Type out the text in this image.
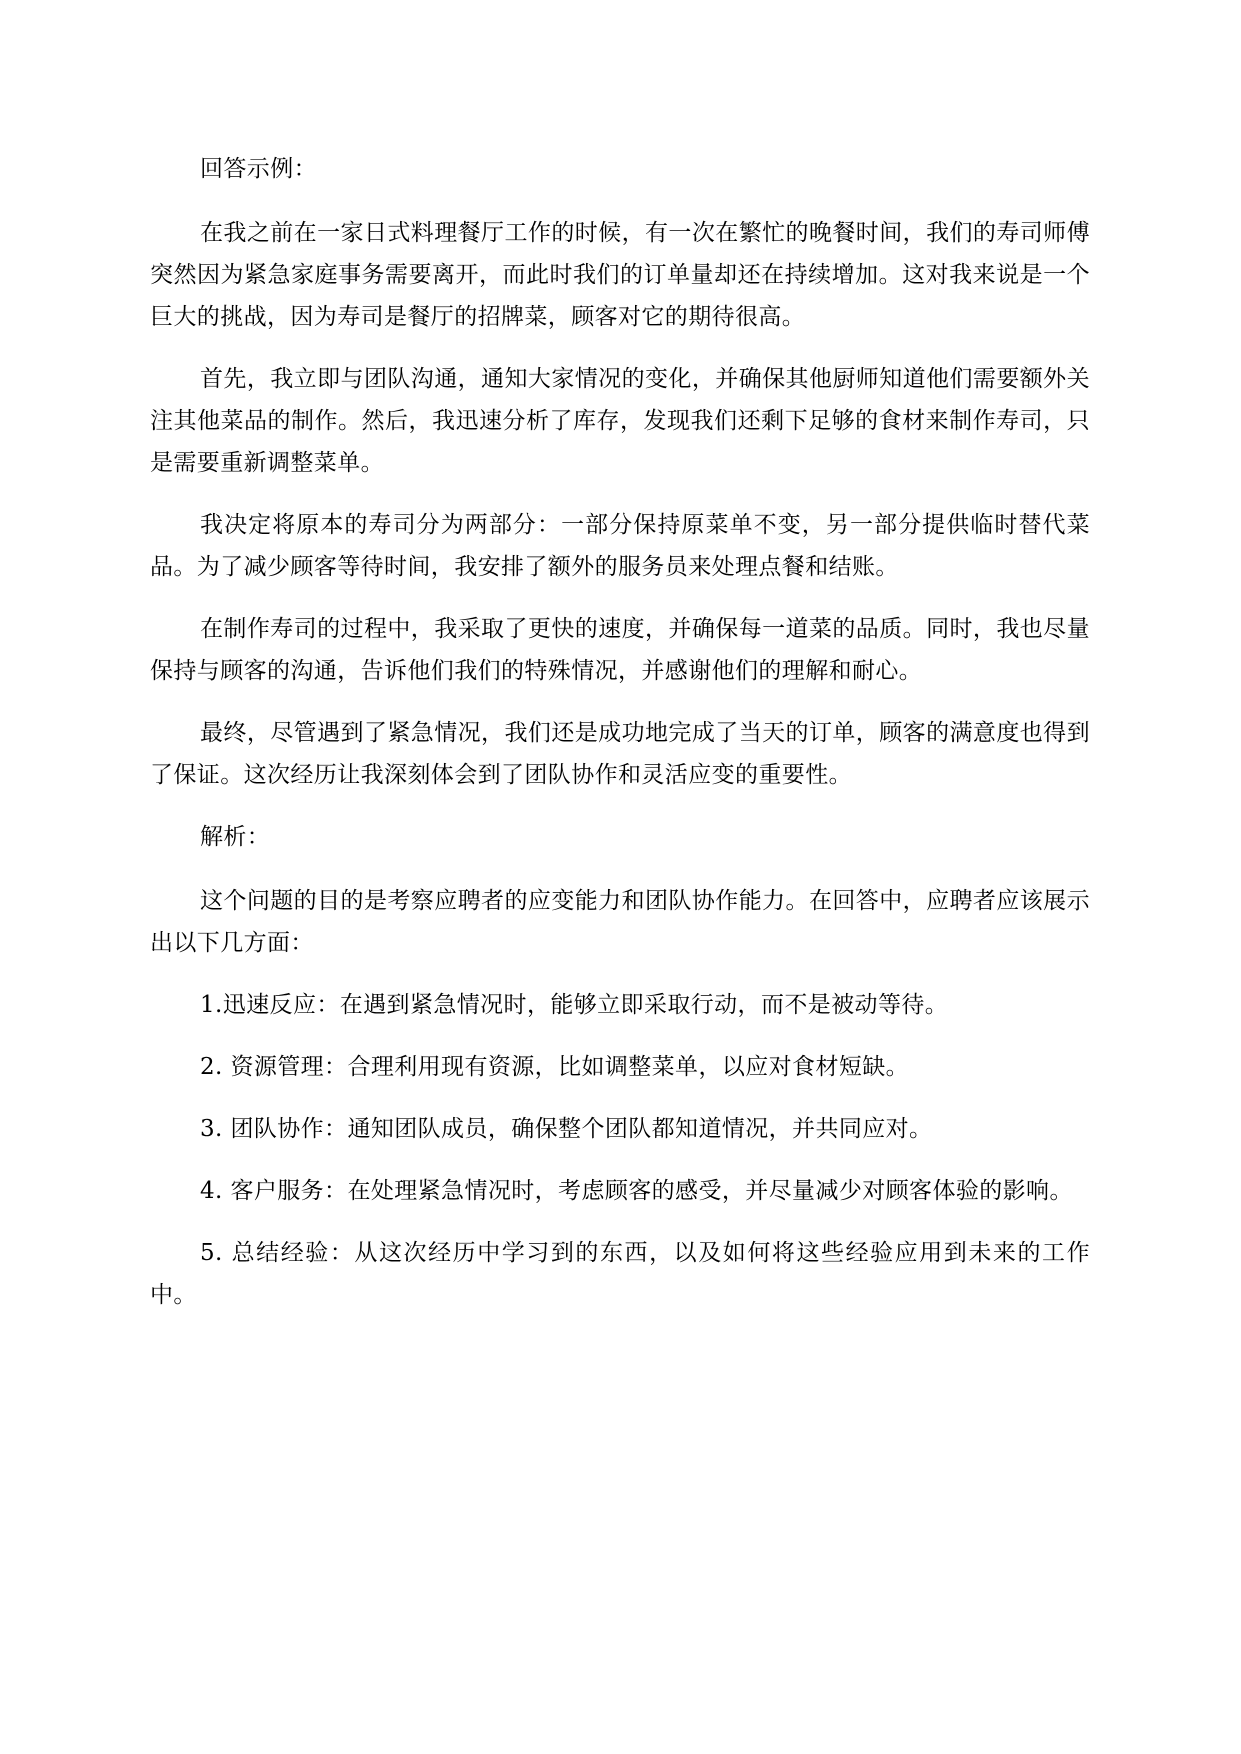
回答示例：

在我之前在一家日式料理餐厅工作的时候，有一次在繁忙的晚餐时间，我们的寿司师傅突然因为紧急家庭事务需要离开，而此时我们的订单量却还在持续增加。这对我来说是一个巨大的挑战，因为寿司是餐厅的招牌菜，顾客对它的期待很高。

首先，我立即与团队沟通，通知大家情况的变化，并确保其他厨师知道他们需要额外关注其他菜品的制作。然后，我迅速分析了库存，发现我们还剩下足够的食材来制作寿司，只是需要重新调整菜单。

我决定将原本的寿司分为两部分：一部分保持原菜单不变，另一部分提供临时替代菜品。为了减少顾客等待时间，我安排了额外的服务员来处理点餐和结账。

在制作寿司的过程中，我采取了更快的速度，并确保每一道菜的品质。同时，我也尽量保持与顾客的沟通，告诉他们我们的特殊情况，并感谢他们的理解和耐心。

最终，尽管遇到了紧急情况，我们还是成功地完成了当天的订单，顾客的满意度也得到了保证。这次经历让我深刻体会到了团队协作和灵活应变的重要性。

解析：

这个问题的目的是考察应聘者的应变能力和团队协作能力。在回答中，应聘者应该展示出以下几方面：

1.迅速反应：在遇到紧急情况时，能够立即采取行动，而不是被动等待。

2. 资源管理：合理利用现有资源，比如调整菜单，以应对食材短缺。

3. 团队协作：通知团队成员，确保整个团队都知道情况，并共同应对。

4. 客户服务：在处理紧急情况时，考虑顾客的感受，并尽量减少对顾客体验的影响。

5. 总结经验：从这次经历中学习到的东西，以及如何将这些经验应用到未来的工作中。
